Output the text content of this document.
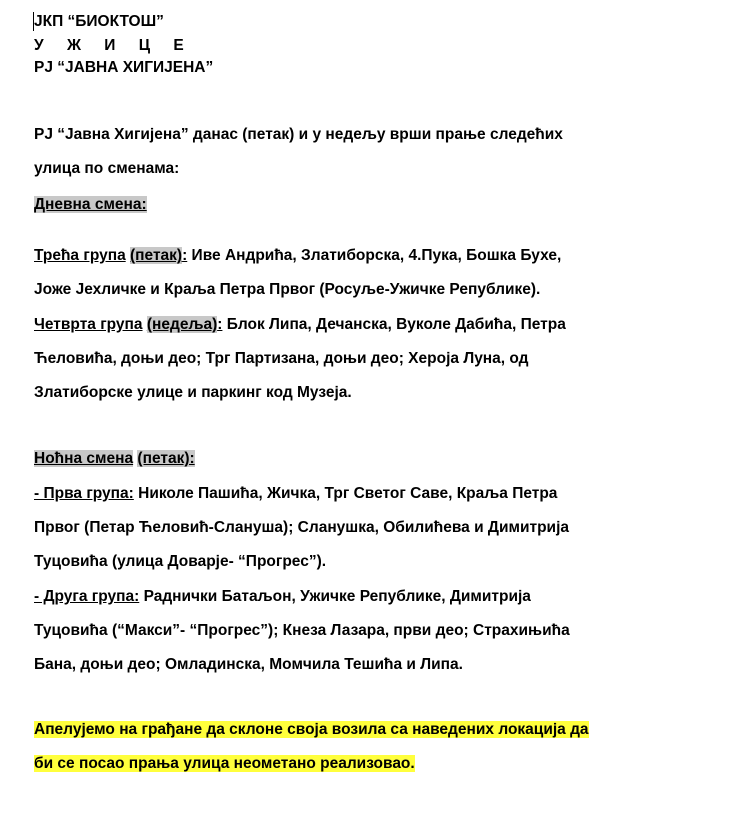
ЈКП “БИОКТОШ”
У Ж И Ц Е
РЈ “ЈАВНА ХИГИЈЕНА”
РЈ “Јавна Хигијена” данас (петак) и у недељу врши прање следећих
улица по сменама:
Дневна смена:
Трећа група (петак): Иве Андрића, Златиборска, 4.Пука, Бошка Бухе,
Јоже Јехличке и Краља Петра Првог (Росуље-Ужичке Републике).
Четврта група (недеља): Блок Липа, Дечанска, Вуколе Дабића, Петра
Ћеловића, доњи део; Трг Партизана, доњи део; Хероја Луна, од
Златиборске улице и паркинг код Музеја.
Ноћна смена (петак):
- Прва група: Николе Пашића, Жичка, Трг Светог Саве, Краља Петра
Првог (Петар Ћеловић-Слануша); Сланушка, Обилићева и Димитрија
Туцовића (улица Доварје- “Прогрес”).
- Друга група: Раднички Батаљон, Ужичке Републике, Димитрија
Туцовића (“Макси”- “Прогрес”); Кнеза Лазара, први део; Страхињића
Бана, доњи део; Омладинска, Момчила Тешића и Липа.
Апелујемо на грађане да склоне своја возила са наведених локација да
би се посао прања улица неометано реализовао.
